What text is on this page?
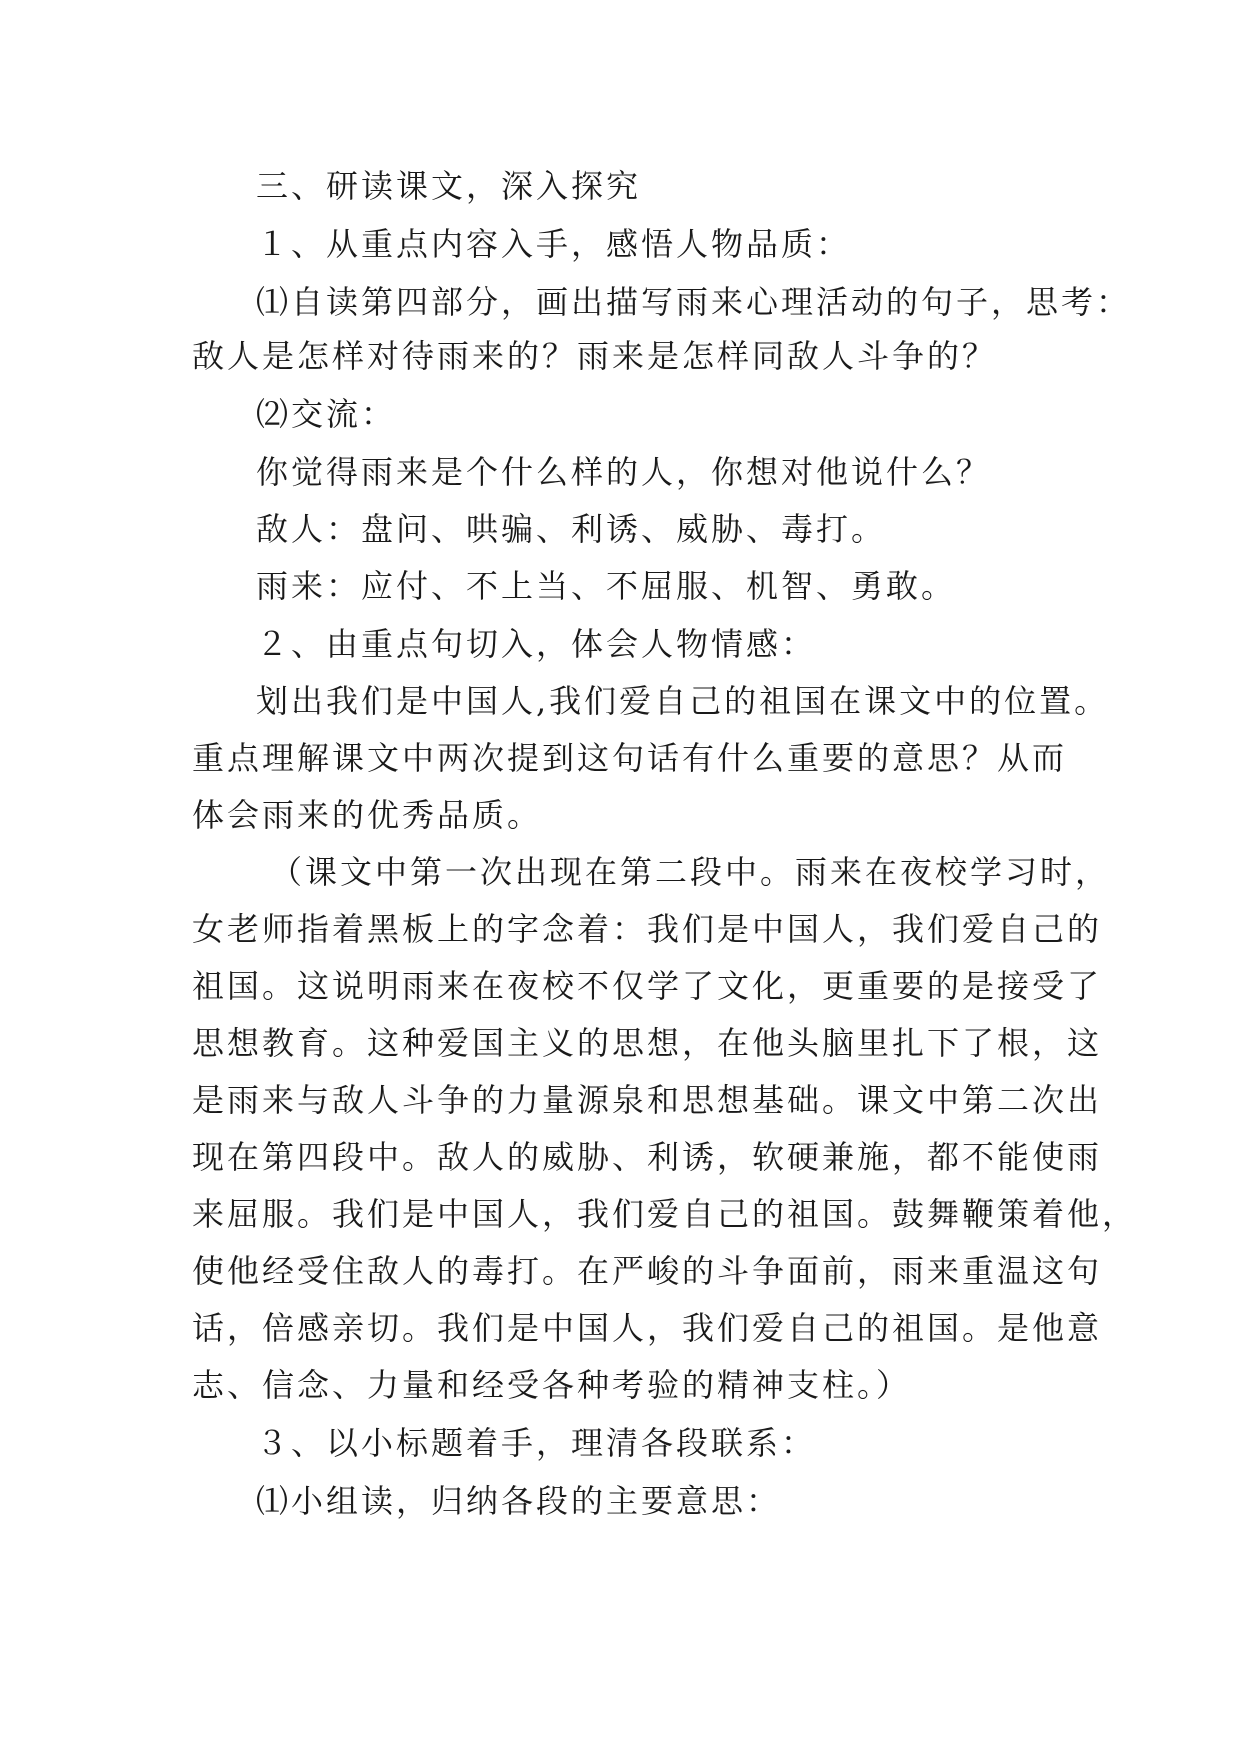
三、研读课文，深入探究
１、从重点内容入手，感悟人物品质：
⑴自读第四部分，画出描写雨来心理活动的句子，思考：
敌人是怎样对待雨来的？雨来是怎样同敌人斗争的？
⑵交流：
你觉得雨来是个什么样的人，你想对他说什么？
敌人：盘问、哄骗、利诱、威胁、毒打。
雨来：应付、不上当、不屈服、机智、勇敢。
２、由重点句切入，体会人物情感：
划出我们是中国人,我们爱自己的祖国在课文中的位置。
重点理解课文中两次提到这句话有什么重要的意思？从而
体会雨来的优秀品质。
（课文中第一次出现在第二段中。雨来在夜校学习时，
女老师指着黑板上的字念着：我们是中国人，我们爱自己的
祖国。这说明雨来在夜校不仅学了文化，更重要的是接受了
思想教育。这种爱国主义的思想，在他头脑里扎下了根，这
是雨来与敌人斗争的力量源泉和思想基础。课文中第二次出
现在第四段中。敌人的威胁、利诱，软硬兼施，都不能使雨
来屈服。我们是中国人，我们爱自己的祖国。鼓舞鞭策着他，
使他经受住敌人的毒打。在严峻的斗争面前，雨来重温这句
话，倍感亲切。我们是中国人，我们爱自己的祖国。是他意
志、信念、力量和经受各种考验的精神支柱。）
３、以小标题着手，理清各段联系：
⑴小组读，归纳各段的主要意思：
